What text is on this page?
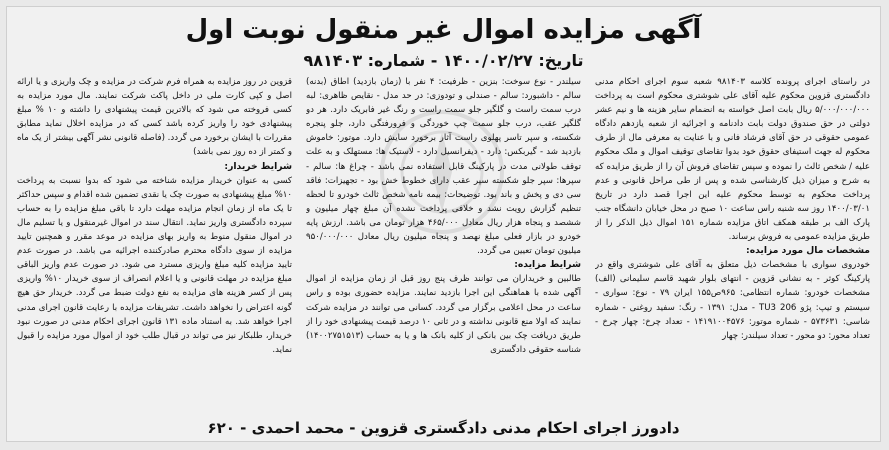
آگهی مزایده اموال غیر منقول نوبت اول
تاریخ: ۱۴۰۰/۰۲/۲۷ - شماره: ۹۸۱۴۰۳

در راستای اجرای پرونده کلاسه ۹۸۱۴۰۳ شعبه سوم اجرای احکام مدنی دادگستری قزوین محکوم علیه آقای علی شوشتری محکوم است به پرداخت ۵/۰۰۰/۰۰۰/۰۰۰ ریال بابت اصل خواسته به انضمام سایر هزینه ها و نیم عشر دولتی در حق صندوق دولت بابت دادنامه و اجرائیه از شعبه یازدهم دادگاه عمومی حقوقی در حق آقای فرشاد فانی و با عنایت به معرفی مال از طرف محکوم له جهت استیفای حقوق خود بدوا تقاضای توقیف اموال و ملک محکوم علیه / شخص ثالث را نموده و سپس تقاضای فروش آن را از طریق مزایده که به شرح و میزان ذیل کارشناسی شده و پس از طی مراحل قانونی و عدم پرداخت محکوم به توسط محکوم علیه این اجرا قصد دارد در تاریخ ۱۴۰۰/۰۳/۰۱ روز سه شنبه راس ساعت ۱۰ صبح در محل خیابان دانشگاه جنب پارک الف بر طبقه همکف اتاق مزایده شماره ۱۵۱ اموال ذیل الذکر را از طریق مزایده عمومی به فروش برساند.

مشخصات مال مورد مزایده:

خودروی سواری با مشخصات ذیل متعلق به آقای علی شوشتری واقع در پارکینگ کوثر - به نشانی قزوین - انتهای بلوار شهید قاسم سلیمانی (الف) مشخصات خودرو: شماره انتظامی: ۹۶۵ص۱۵۵ ایران ۷۹ - نوع: سواری - سیستم و تیپ: پژو TU3 206 - مدل: ۱۳۹۱ - رنگ: سفید روغنی - شماره شاسی: ۵۷۳۶۳۱ - شماره موتور: ۱۴۱۹۱۰۰۴۵۷۶ - تعداد چرخ: چهار چرخ - تعداد محور: دو محور - تعداد سیلندر: چهار

سیلندر - نوع سوخت: بنزین - ظرفیت: ۴ نفر با (زمان بازدید) اطاق (بدنه) سالم - داشبورد: سالم - صندلی و تودوزی: در حد مدل - نقایص ظاهری: لبه درب سمت راست و گلگیر جلو سمت راست و رنگ غیر فابریک دارد. هر دو گلگیر عقب، درب جلو سمت چپ خوردگی و فرورفتگی دارد، جلو پنجره شکسته، و سپر تاسر پهلوی راست آثار برخورد سایش دارد. موتور: خاموش بازدید شد - گیربکس: دارد - دیفرانسیل دارد - لاستیک ها: مستهلک و به علت توقف طولانی مدت در پارکینگ قابل استفاده نمی باشد - چراغ ها: سالم - سپرها: سپر جلو شکسته سپر عقب دارای خطوط خش بود - تجهیزات: فاقد سی دی و پخش و باند بود. توضیحات: بیمه نامه شخص ثالث خودرو تا لحظه تنظیم گزارش رویت نشد و خلافی پرداخت نشده آن مبلغ چهار میلیون و ششصد و پنجاه هزار ریال معادل ۴۶۵/۰۰۰ هزار تومان می باشد. ارزش پایه خودرو در بازار فعلی مبلغ نهصد و پنجاه میلیون ریال معادل ۹۵۰/۰۰۰/۰۰۰ میلیون تومان تعیین می گردد.

شرایط مزایده:

طالبین و خریداران می توانند ظرف پنج روز قبل از زمان مزایده از اموال آگهی شده با هماهنگی این اجرا بازدید نمایند. مزایده حضوری بوده و راس ساعت در محل اعلامی برگزار می گردد. کسانی می توانند در مزایده شرکت نمایند که اولا منع قانونی نداشته و در ثانی ۱۰ درصد قیمت پیشنهادی خود را از طریق دریافت چک بین بانکی از کلیه بانک ها و یا به حساب (۱۴۰۰۲۷۵۱۵۱۳) شناسه حقوقی دادگستری

قزوین در روز مزایده به همراه فرم شرکت در مزایده و چک واریزی و یا ارائه اصل و کپی کارت ملی در داخل پاکت شرکت نمایند. مال مورد مزایده به کسی فروخته می شود که بالاترین قیمت پیشنهادی را داشته و ۱۰ % مبلغ پیشنهادی خود را واریز کرده باشد کسی که در مزایده اخلال نماید مطابق مقررات با ایشان برخورد می گردد. (فاصله قانونی نشر آگهی بیشتر از یک ماه و کمتر از ده روز نمی باشد)

شرایط خریدار:

کسی به عنوان خریدار مزایده شناخته می شود که بدوا نسبت به پرداخت ۱۰% مبلغ پیشنهادی به صورت چک یا نقدی تضمین شده اقدام و سپس حداکثر تا یک ماه از زمان انجام مزایده مهلت دارد تا باقی مبلغ مزایده را به حساب سپرده دادگستری واریز نماید. انتقال سند در اموال غیرمنقول و یا تسلیم مال در اموال منقول منوط به واریز بهای مزایده در موعد مقرر و همچنین تایید مزایده از سوی دادگاه محترم صادرکننده اجرائیه می باشد. در صورت عدم تایید مزایده کلیه مبلغ واریزی مسترد می شود. در صورت عدم واریز الباقی مبلغ مزایده در مهلت قانونی و یا اعلام انصراف از سوی خریدار ۱۰% واریزی پس از کسر هزینه های مزایده به نفع دولت ضبط می گردد. خریدار حق هیچ گونه اعتراض را نخواهد داشت. تشریفات مزایده با رعایت قانون اجرای مدنی اجرا خواهد شد. به استناد ماده ۱۳۱ قانون اجرای احکام مدنی در صورت نبود خریدار، طلبکار نیز می تواند در قبال طلب خود از اموال مورد مزایده را قبول نماید.

دادورز اجرای احکام مدنی دادگستری قزوین - محمد احمدی - ۶۲۰
